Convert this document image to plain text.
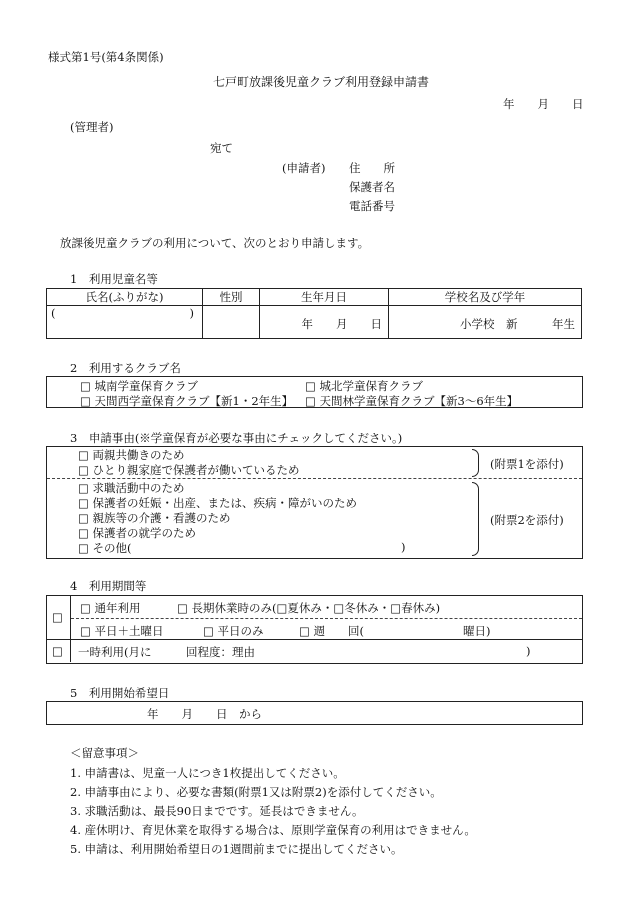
様式第1号(第4条関係)
七戸町放課後児童クラブ利用登録申請書
年　　月　　日
(管理者)
宛て
(申請者) 住　　所
保護者名
電話番号
放課後児童クラブの利用について、次のとおり申請します。
1　利用児童名等
氏名(ふりがな)	性別	生年月日	学校名及び学年
( )		年　　月　　日	小学校　新　　　年生
2　利用するクラブ名
□ 城南学童保育クラブ	□ 城北学童保育クラブ
□ 天間西学童保育クラブ【新1・2年生】 □ 天間林学童保育クラブ【新3～6年生】
3　申請事由(※学童保育が必要な事由にチェックしてください。)
□ 両親共働きのため
□ ひとり親家庭で保護者が働いているため	(附票1を添付)
□ 求職活動中のため
□ 保護者の妊娠・出産、または、疾病・障がいのため
□ 親族等の介護・看護のため
□ 保護者の就学のため
□ その他(	)
(附票2を添付)
4　利用期間等
□
□ 通年利用	□ 長期休業時のみ(□夏休み・□冬休み・□春休み)
□ 平日＋土曜日	□ 平日のみ	□ 週　　回(	曜日)
□ 一時利用(月に　　　回程度：理由	)
5　利用開始希望日
年　　月　　日　から
＜留意事項＞
1. 申請書は、児童一人につき1枚提出してください。
2. 申請事由により、必要な書類(附票1又は附票2)を添付してください。
3. 求職活動は、最長90日までです。延長はできません。
4. 産休明け、育児休業を取得する場合は、原則学童保育の利用はできません。
5. 申請は、利用開始希望日の1週間前までに提出してください。
